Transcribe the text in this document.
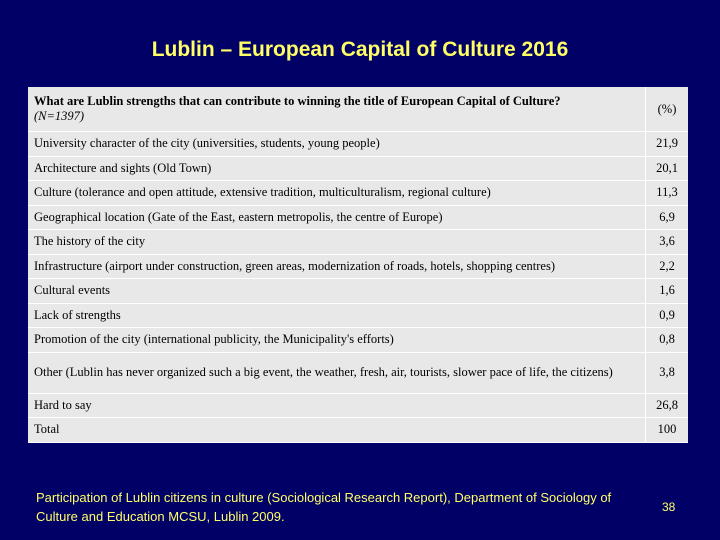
Lublin – European Capital of Culture 2016
What are Lublin strengths that can contribute to winning the title of European Capital of Culture?
(N=1397)	(%)
University character of the city (universities, students, young people)	21,9
Architecture and sights (Old Town)	20,1
Culture (tolerance and open attitude, extensive tradition, multiculturalism, regional culture)	11,3
Geographical location (Gate of the East, eastern metropolis, the centre of Europe)	6,9
The history of the city	3,6
Infrastructure (airport under construction, green areas, modernization of roads, hotels, shopping centres)	2,2
Cultural events	1,6
Lack of strengths	0,9
Promotion of the city (international publicity, the Municipality's efforts)	0,8
Other (Lublin has never organized such a big event, the weather, fresh, air, tourists, slower pace of life, the citizens)	3,8
Hard to say	26,8
Total	100
Participation of Lublin citizens in culture (Sociological Research Report), Department of Sociology of
Culture and Education MCSU, Lublin 2009.
38
